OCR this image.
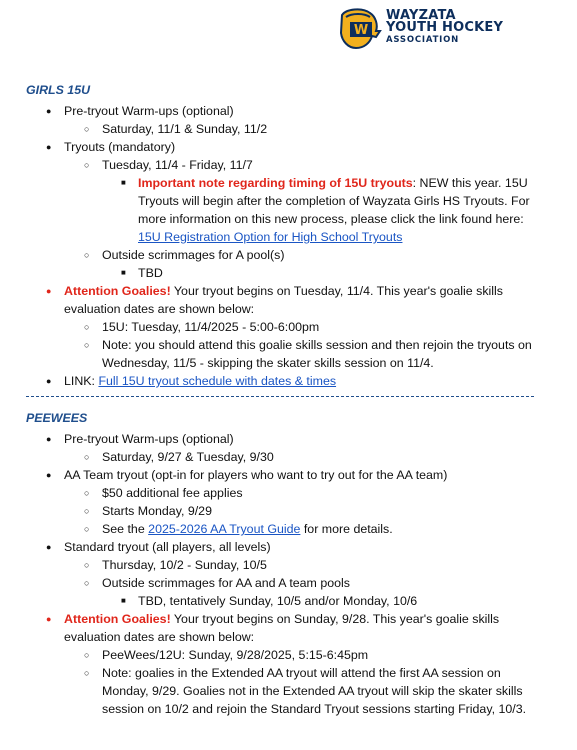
W
WAYZATA
YOUTH HOCKEY
ASSOCIATION
GIRLS 15U
● Pre-tryout Warm-ups (optional)
○ Saturday, 11/1 & Sunday, 11/2
● Tryouts (mandatory)
○ Tuesday, 11/4 - Friday, 11/7
■ Important note regarding timing of 15U tryouts: NEW this year. 15U Tryouts will begin after the completion of Wayzata Girls HS Tryouts. For more information on this new process, please click the link found here: 15U Registration Option for High School Tryouts
○ Outside scrimmages for A pool(s)
■ TBD
● Attention Goalies! Your tryout begins on Tuesday, 11/4. This year's goalie skills evaluation dates are shown below:
○ 15U: Tuesday, 11/4/2025 - 5:00-6:00pm
○ Note: you should attend this goalie skills session and then rejoin the tryouts on Wednesday, 11/5 - skipping the skater skills session on 11/4.
● LINK: Full 15U tryout schedule with dates & times
PEEWEES
● Pre-tryout Warm-ups (optional)
○ Saturday, 9/27 & Tuesday, 9/30
● AA Team tryout (opt-in for players who want to try out for the AA team)
○ $50 additional fee applies
○ Starts Monday, 9/29
○ See the 2025-2026 AA Tryout Guide for more details.
● Standard tryout (all players, all levels)
○ Thursday, 10/2 - Sunday, 10/5
○ Outside scrimmages for AA and A team pools
■ TBD, tentatively Sunday, 10/5 and/or Monday, 10/6
● Attention Goalies! Your tryout begins on Sunday, 9/28. This year's goalie skills evaluation dates are shown below:
○ PeeWees/12U: Sunday, 9/28/2025, 5:15-6:45pm
○ Note: goalies in the Extended AA tryout will attend the first AA session on Monday, 9/29. Goalies not in the Extended AA tryout will skip the skater skills session on 10/2 and rejoin the Standard Tryout sessions starting Friday, 10/3.
